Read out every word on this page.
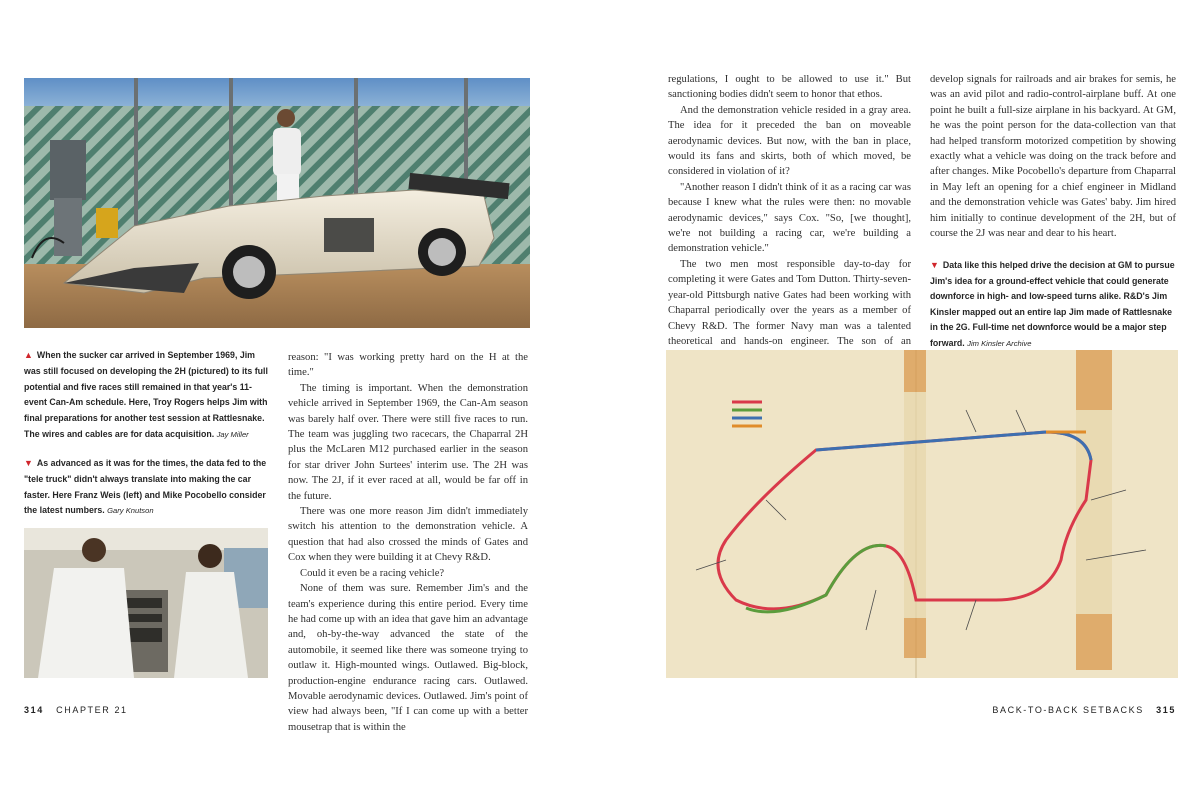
▲ When the sucker car arrived in September 1969, Jim was still focused on developing the 2H (pictured) to its full potential and five races still remained in that year's 11-event Can-Am schedule. Here, Troy Rogers helps Jim with final preparations for another test session at Rattlesnake. The wires and cables are for data acquisition. Jay Miller

▼ As advanced as it was for the times, the data fed to the "tele truck" didn't always translate into making the car faster. Here Franz Weis (left) and Mike Pocobello consider the latest numbers. Gary Knutson

reason: "I was working pretty hard on the H at the time."

The timing is important. When the demonstration vehicle arrived in September 1969, the Can-Am season was barely half over. There were still five races to run. The team was juggling two racecars, the Chaparral 2H plus the McLaren M12 purchased earlier in the season for star driver John Surtees' interim use. The 2H was now. The 2J, if it ever raced at all, would be far off in the future.

There was one more reason Jim didn't immediately switch his attention to the demonstration vehicle. A question that had also crossed the minds of Gates and Cox when they were building it at Chevy R&D.

Could it even be a racing vehicle?

None of them was sure. Remember Jim's and the team's experience during this entire period. Every time he had come up with an idea that gave him an advantage and, oh-by-the-way advanced the state of the automobile, it seemed like there was someone trying to outlaw it. High-mounted wings. Outlawed. Big-block, production-engine endurance racing cars. Outlawed. Movable aerodynamic devices. Outlawed. Jim's point of view had always been, "If I can come up with a better mousetrap that is within the

314 CHAPTER 21

regulations, I ought to be allowed to use it." But sanctioning bodies didn't seem to honor that ethos.

And the demonstration vehicle resided in a gray area. The idea for it preceded the ban on moveable aerodynamic devices. But now, with the ban in place, would its fans and skirts, both of which moved, be considered in violation of it?

"Another reason I didn't think of it as a racing car was because I knew what the rules were then: no movable aerodynamic devices," says Cox. "So, [we thought], we're not building a racing car, we're building a demonstration vehicle."

The two men most responsible day-to-day for completing it were Gates and Tom Dutton. Thirty-seven-year-old Pittsburgh native Gates had been working with Chaparral periodically over the years as a member of Chevy R&D. The former Navy man was a talented theoretical and hands-on engineer. The son of an

develop signals for railroads and air brakes for semis, he was an avid pilot and radio-control-airplane buff. At one point he built a full-size airplane in his backyard. At GM, he was the point person for the data-collection van that had helped transform motorized competition by showing exactly what a vehicle was doing on the track before and after changes. Mike Pocobello's departure from Chaparral in May left an opening for a chief engineer in Midland and the demonstration vehicle was Gates' baby. Jim hired him initially to continue development of the 2H, but of course the 2J was near and dear to his heart.

▼ Data like this helped drive the decision at GM to pursue Jim's idea for a ground-effect vehicle that could generate downforce in high- and low-speed turns alike. R&D's Jim Kinsler mapped out an entire lap Jim made of Rattlesnake in the 2G. Full-time net downforce would be a major step forward. Jim Kinsler Archive

BACK-TO-BACK SETBACKS 315
